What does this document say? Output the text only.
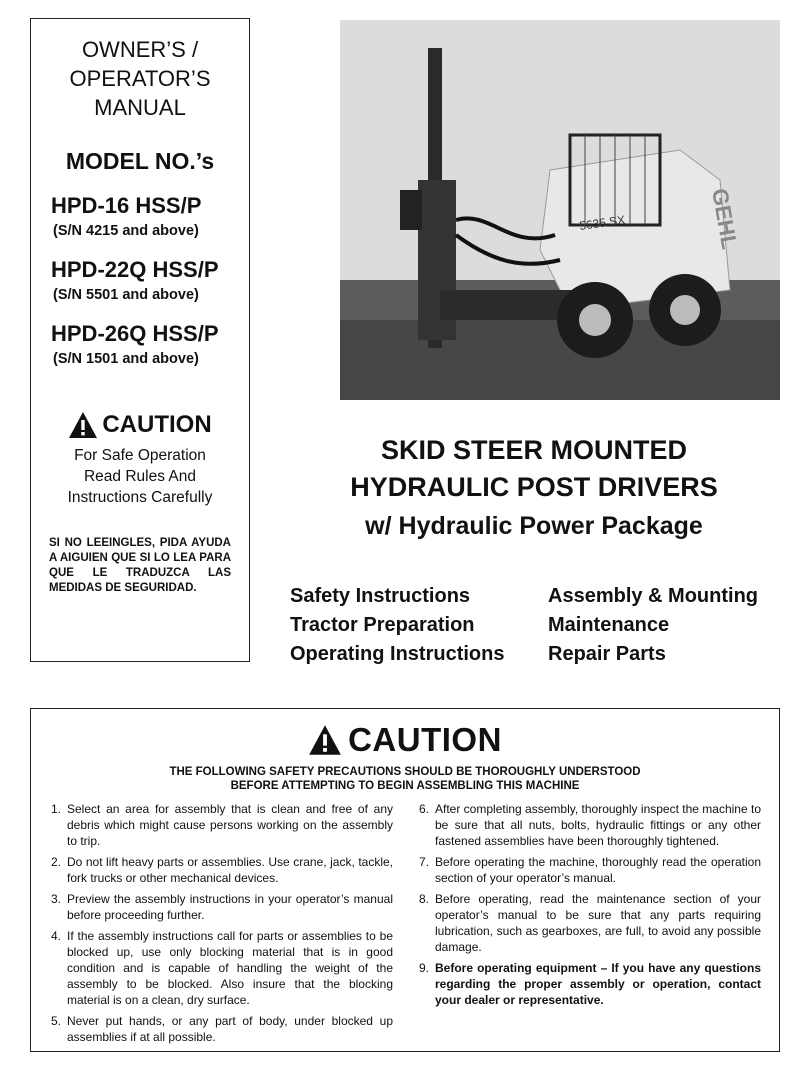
OWNER’S /
OPERATOR’S
MANUAL
MODEL NO.’s
HPD-16 HSS/P
(S/N 4215 and above)
HPD-22Q HSS/P
(S/N 5501 and above)
HPD-26Q HSS/P
(S/N 1501 and above)
CAUTION
For Safe Operation
Read Rules And
Instructions Carefully
SI NO LEEINGLES, PIDA AYUDA A AIGUIEN QUE SI LO LEA PARA QUE LE TRADUZCA LAS MEDIDAS DE SEGURIDAD.
5635 SX	GEHL
SKID STEER MOUNTED
HYDRAULIC POST DRIVERS
w/ Hydraulic Power Package
Safety Instructions	Assembly & Mounting
Tractor Preparation	Maintenance
Operating Instructions	Repair Parts
CAUTION
THE FOLLOWING SAFETY PRECAUTIONS SHOULD BE THOROUGHLY UNDERSTOOD
BEFORE ATTEMPTING TO BEGIN ASSEMBLING THIS MACHINE
1. Select an area for assembly that is clean and free of any debris which might cause persons working on the assembly to trip.
2. Do not lift heavy parts or assemblies. Use crane, jack, tackle, fork trucks or other mechanical devices.
3. Preview the assembly instructions in your operator’s manual before proceeding further.
4. If the assembly instructions call for parts or assemblies to be blocked up, use only blocking material that is in good condition and is capable of handling the weight of the assembly to be blocked. Also insure that the blocking material is on a clean, dry surface.
5. Never put hands, or any part of body, under blocked up assemblies if at all possible.
6. After completing assembly, thoroughly inspect the machine to be sure that all nuts, bolts, hydraulic fittings or any other fastened assemblies have been thoroughly tightened.
7. Before operating the machine, thoroughly read the operation section of your operator’s manual.
8. Before operating, read the maintenance section of your operator’s manual to be sure that any parts requiring lubrication, such as gearboxes, are full, to avoid any possible damage.
9. Before operating equipment – If you have any questions regarding the proper assembly or operation, contact your dealer or representative.
